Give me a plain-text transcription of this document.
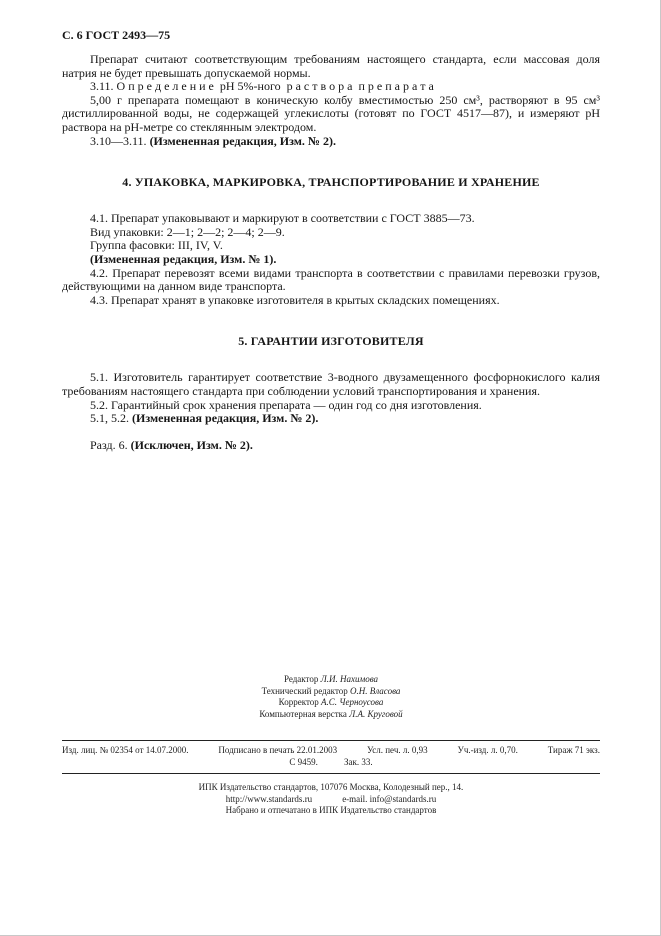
С. 6 ГОСТ 2493—75

Препарат считают соответствующим требованиям настоящего стандарта, если массовая доля натрия не будет превышать допускаемой нормы.

3.11. О п р е д е л е н и е  pH 5%-ного  р а с т в о р а  п р е п а р а т а

5,00 г препарата помещают в коническую колбу вместимостью 250 см³, растворяют в 95 см³ дистиллированной воды, не содержащей углекислоты (готовят по ГОСТ 4517—87), и измеряют pH раствора на pH-метре со стеклянным электродом.

3.10—3.11. (Измененная редакция, Изм. № 2).

4. УПАКОВКА, МАРКИРОВКА, ТРАНСПОРТИРОВАНИЕ И ХРАНЕНИЕ

4.1. Препарат упаковывают и маркируют в соответствии с ГОСТ 3885—73.

Вид упаковки: 2—1; 2—2; 2—4; 2—9.

Группа фасовки: III, IV, V.

(Измененная редакция, Изм. № 1).

4.2. Препарат перевозят всеми видами транспорта в соответствии с правилами перевозки грузов, действующими на данном виде транспорта.

4.3. Препарат хранят в упаковке изготовителя в крытых складских помещениях.

5. ГАРАНТИИ ИЗГОТОВИТЕЛЯ

5.1. Изготовитель гарантирует соответствие 3-водного двузамещенного фосфорнокислого калия требованиям настоящего стандарта при соблюдении условий транспортирования и хранения.

5.2. Гарантийный срок хранения препарата — один год со дня изготовления.

5.1, 5.2. (Измененная редакция, Изм. № 2).

Разд. 6. (Исключен, Изм. № 2).

Редактор Л.И. Нахимова
Технический редактор О.Н. Власова
Корректор А.С. Черноусова
Компьютерная верстка Л.А. Круговой
Изд. лиц. № 02354 от 14.07.2000.	Подписано в печать 22.01.2003	Усл. печ. л. 0,93	Уч.-изд. л. 0,70.	Тираж 71 экз.
С 9459.	Зак. 33.
ИПК Издательство стандартов, 107076 Москва, Колодезный пер., 14.
http://www.standards.ru	e-mail. info@standards.ru
Набрано и отпечатано в ИПК Издательство стандартов
